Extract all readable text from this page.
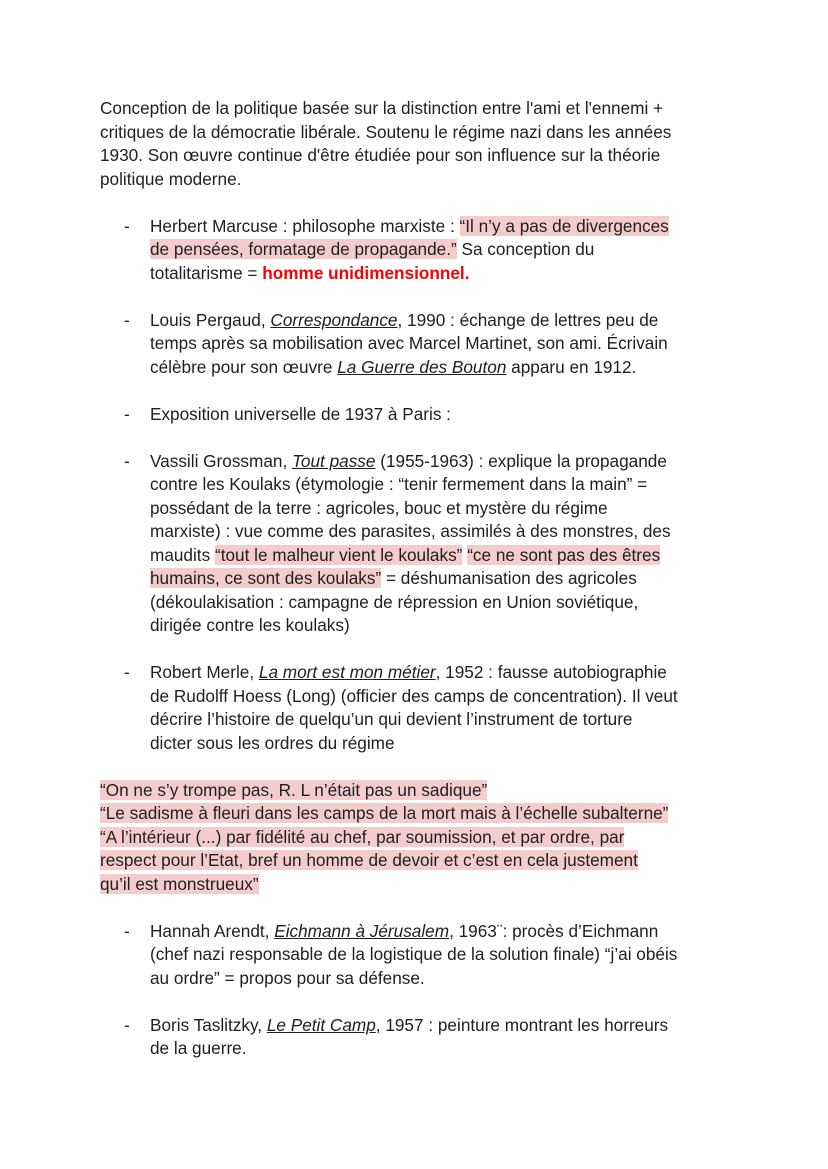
Conception de la politique basée sur la distinction entre l'ami et l'ennemi +
critiques de la démocratie libérale. Soutenu le régime nazi dans les années
1930. Son œuvre continue d'être étudiée pour son influence sur la théorie
politique moderne.
- Herbert Marcuse : philosophe marxiste : “Il n’y a pas de divergences
de pensées, formatage de propagande.” Sa conception du
totalitarisme = homme unidimensionnel.
- Louis Pergaud, Correspondance, 1990 : échange de lettres peu de
temps après sa mobilisation avec Marcel Martinet, son ami. Écrivain
célèbre pour son œuvre La Guerre des Bouton apparu en 1912.
- Exposition universelle de 1937 à Paris :
- Vassili Grossman, Tout passe (1955-1963) : explique la propagande
contre les Koulaks (étymologie : “tenir fermement dans la main” =
possédant de la terre : agricoles, bouc et mystère du régime
marxiste) : vue comme des parasites, assimilés à des monstres, des
maudits “tout le malheur vient le koulaks” “ce ne sont pas des êtres
humains, ce sont des koulaks” = déshumanisation des agricoles
(dékoulakisation : campagne de répression en Union soviétique,
dirigée contre les koulaks)
- Robert Merle, La mort est mon métier, 1952 : fausse autobiographie
de Rudolff Hoess (Long) (officier des camps de concentration). Il veut
décrire l’histoire de quelqu’un qui devient l’instrument de torture
dicter sous les ordres du régime
“On ne s’y trompe pas, R. L n’était pas un sadique”
“Le sadisme à fleuri dans les camps de la mort mais à l’échelle subalterne”
“A l’intérieur (...) par fidélité au chef, par soumission, et par ordre, par
respect pour l’Etat, bref un homme de devoir et c’est en cela justement
qu’il est monstrueux”
- Hannah Arendt, Eichmann à Jérusalem, 1963¨: procès d’Eichmann
(chef nazi responsable de la logistique de la solution finale) “j’ai obéis
au ordre” = propos pour sa défense.
- Boris Taslitzky, Le Petit Camp, 1957 : peinture montrant les horreurs
de la guerre.
